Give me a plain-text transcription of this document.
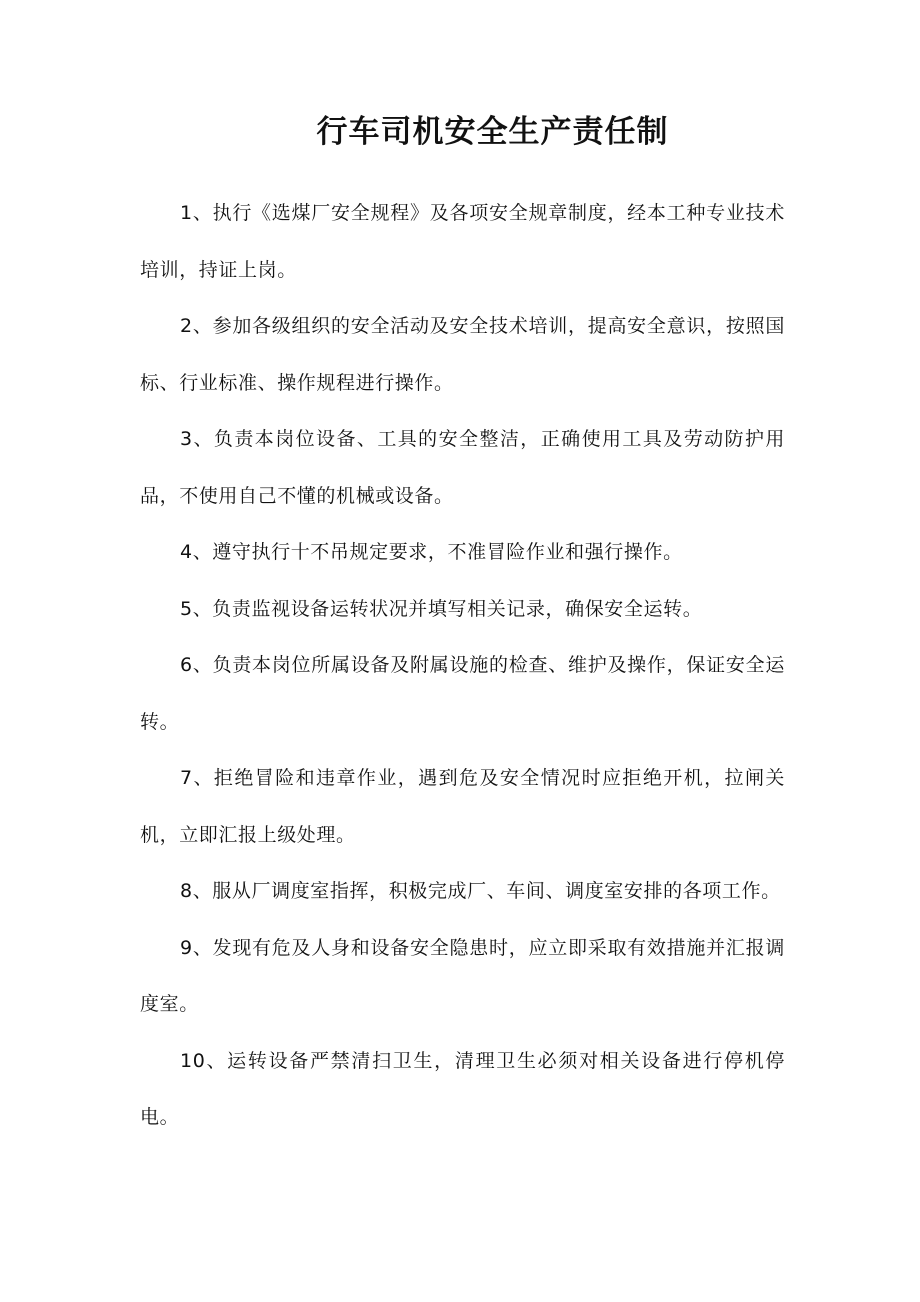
行车司机安全生产责任制

1、执行《选煤厂安全规程》及各项安全规章制度，经本工种专业技术培训，持证上岗。

2、参加各级组织的安全活动及安全技术培训，提高安全意识，按照国标、行业标准、操作规程进行操作。

3、负责本岗位设备、工具的安全整洁，正确使用工具及劳动防护用品，不使用自己不懂的机械或设备。

4、遵守执行十不吊规定要求，不准冒险作业和强行操作。

5、负责监视设备运转状况并填写相关记录，确保安全运转。

6、负责本岗位所属设备及附属设施的检查、维护及操作，保证安全运转。

7、拒绝冒险和违章作业，遇到危及安全情况时应拒绝开机，拉闸关机，立即汇报上级处理。

8、服从厂调度室指挥，积极完成厂、车间、调度室安排的各项工作。

9、发现有危及人身和设备安全隐患时，应立即采取有效措施并汇报调度室。

10、运转设备严禁清扫卫生，清理卫生必须对相关设备进行停机停电。
